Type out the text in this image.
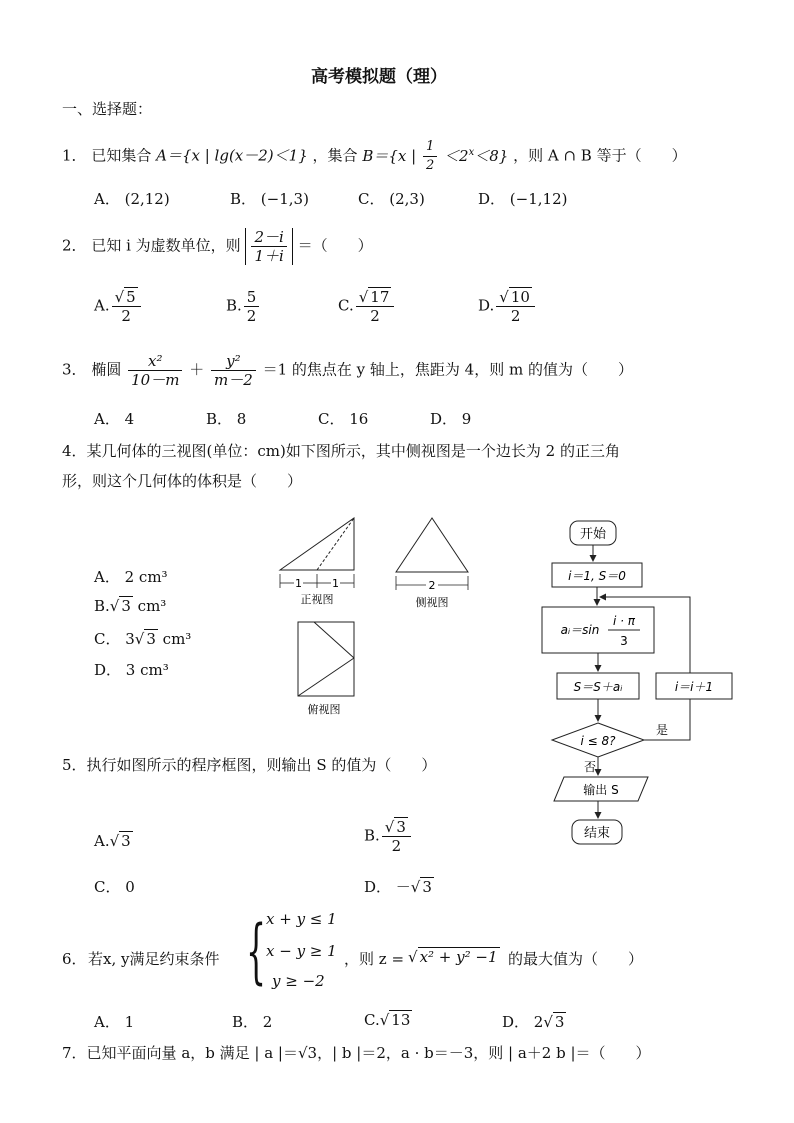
高考模拟题（理）
一、选择题：
1． 已知集合 A＝{x | lg(x－2)＜1} ，集合 B＝{x | $\frac{1}{2} <2^x<8$} ，则 A ∩ B 等于（　　）
A． (2,12)	B． (−1,3)	C． (2,3)	D． (−1,12)
2． 已知 i 为虚数单位，则 $\frac{2-i}{1+i}$ ＝（　　）
A. $\frac{√ 5}{2}$	B. $\frac{5}{2}$	C. $\frac{√ 17}{2}$	D. $\frac{√ 10}{2}$
3． 椭圆 $\frac{\text{x²}}{10-m} + \frac{\text{y²}}{m-2} =1$ 的焦点在 y 轴上，焦距为 4，则 m 的值为（　　）
A． 4	B． 8	C． 16	D． 9
4．某几何体的三视图(单位：cm)如下图所示，其中侧视图是一个边长为 2 的正三角
形，则这个几何体的体积是（　　）
A． 2 cm³
B.√ 3 cm³
C． 3√ 3 cm³
D． 3 cm³
1	1
正视图
2
侧视图
俯视图
开始
i＝1, S＝0
aᵢ＝sin
i · π
3
S＝S＋aᵢ	i＝i＋1
i ≤ 8?
是
否
输出 S
结束
5．执行如图所示的程序框图，则输出 S 的值为（　　）
A.√ 3	B. $\frac{√ 3}{2}$
C． 0	D． －√ 3
6． 若x, y满足约束条件 { x + y ≤ 1
x − y ≥ 1
y ≥ −2
，则 z = √ x² + y² −1 的最大值为（　　）
A． 1	B． 2	C.√ 13	D． 2√ 3
7．已知平面向量 a，b 满足 | a |＝√3，| b |＝2，a · b＝－3，则 | a＋2 b |＝（　　）
